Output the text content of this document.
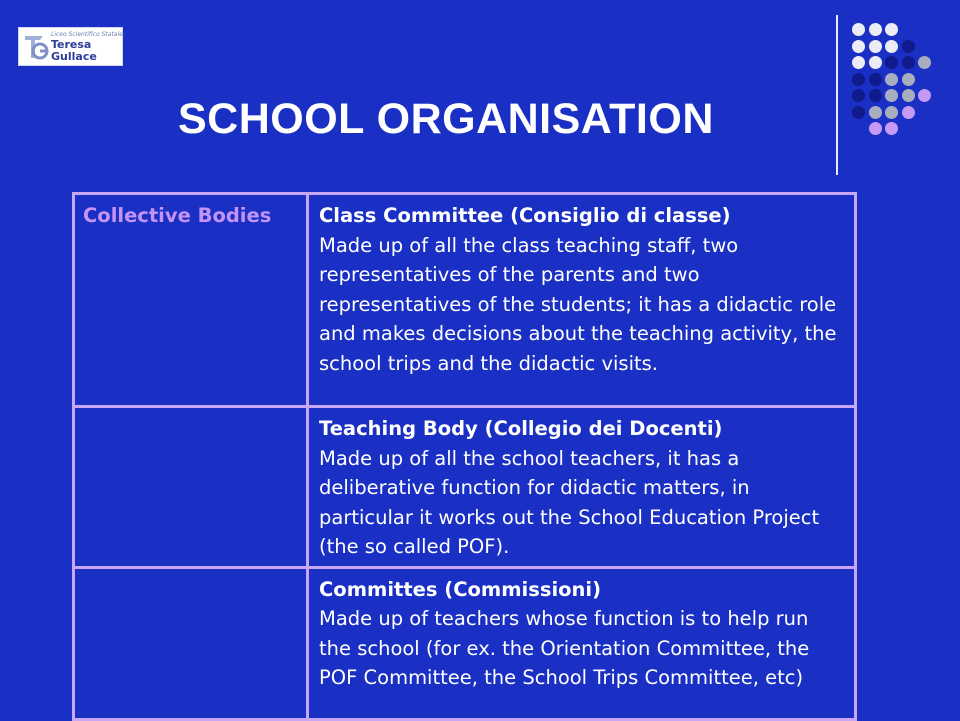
Liceo Scientifico Statale
Teresa
Gullace
SCHOOL ORGANISATION
Collective Bodies	Class Committee (Consiglio di classe)
Made up of all the class teaching staff, two representatives of the parents and two representatives of the students; it has a didactic role and makes decisions about the teaching activity, the school trips and the didactic visits.

	Teaching Body (Collegio dei Docenti)
Made up of all the school teachers, it has a deliberative function for didactic matters, in particular it works out the School Education Project (the so called POF).

	Committes (Commissioni)
Made up of teachers whose function is to help run the school (for ex. the Orientation Committee, the POF Committee, the School Trips Committee, etc)
